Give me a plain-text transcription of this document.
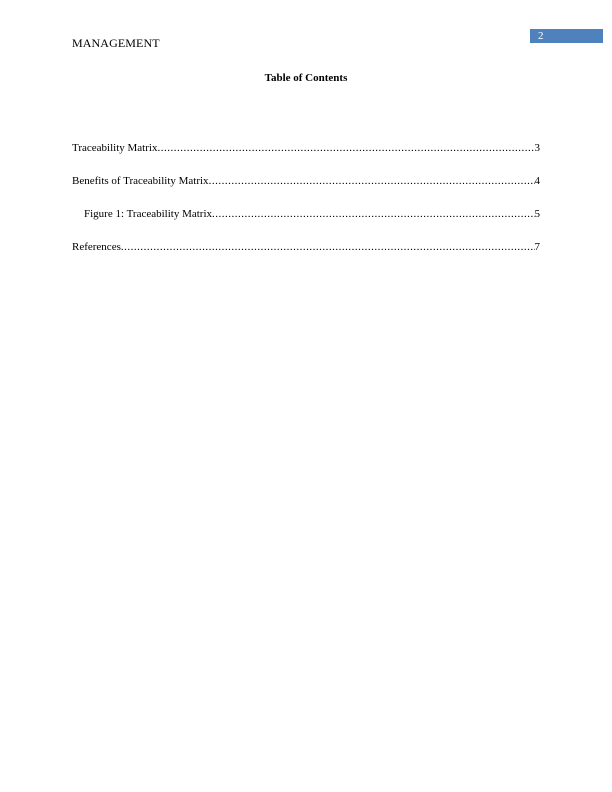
MANAGEMENT	2
Table of Contents
Traceability Matrix .....	3
Benefits of Traceability Matrix .....	4
Figure 1: Traceability Matrix .....	5
References .....	7
